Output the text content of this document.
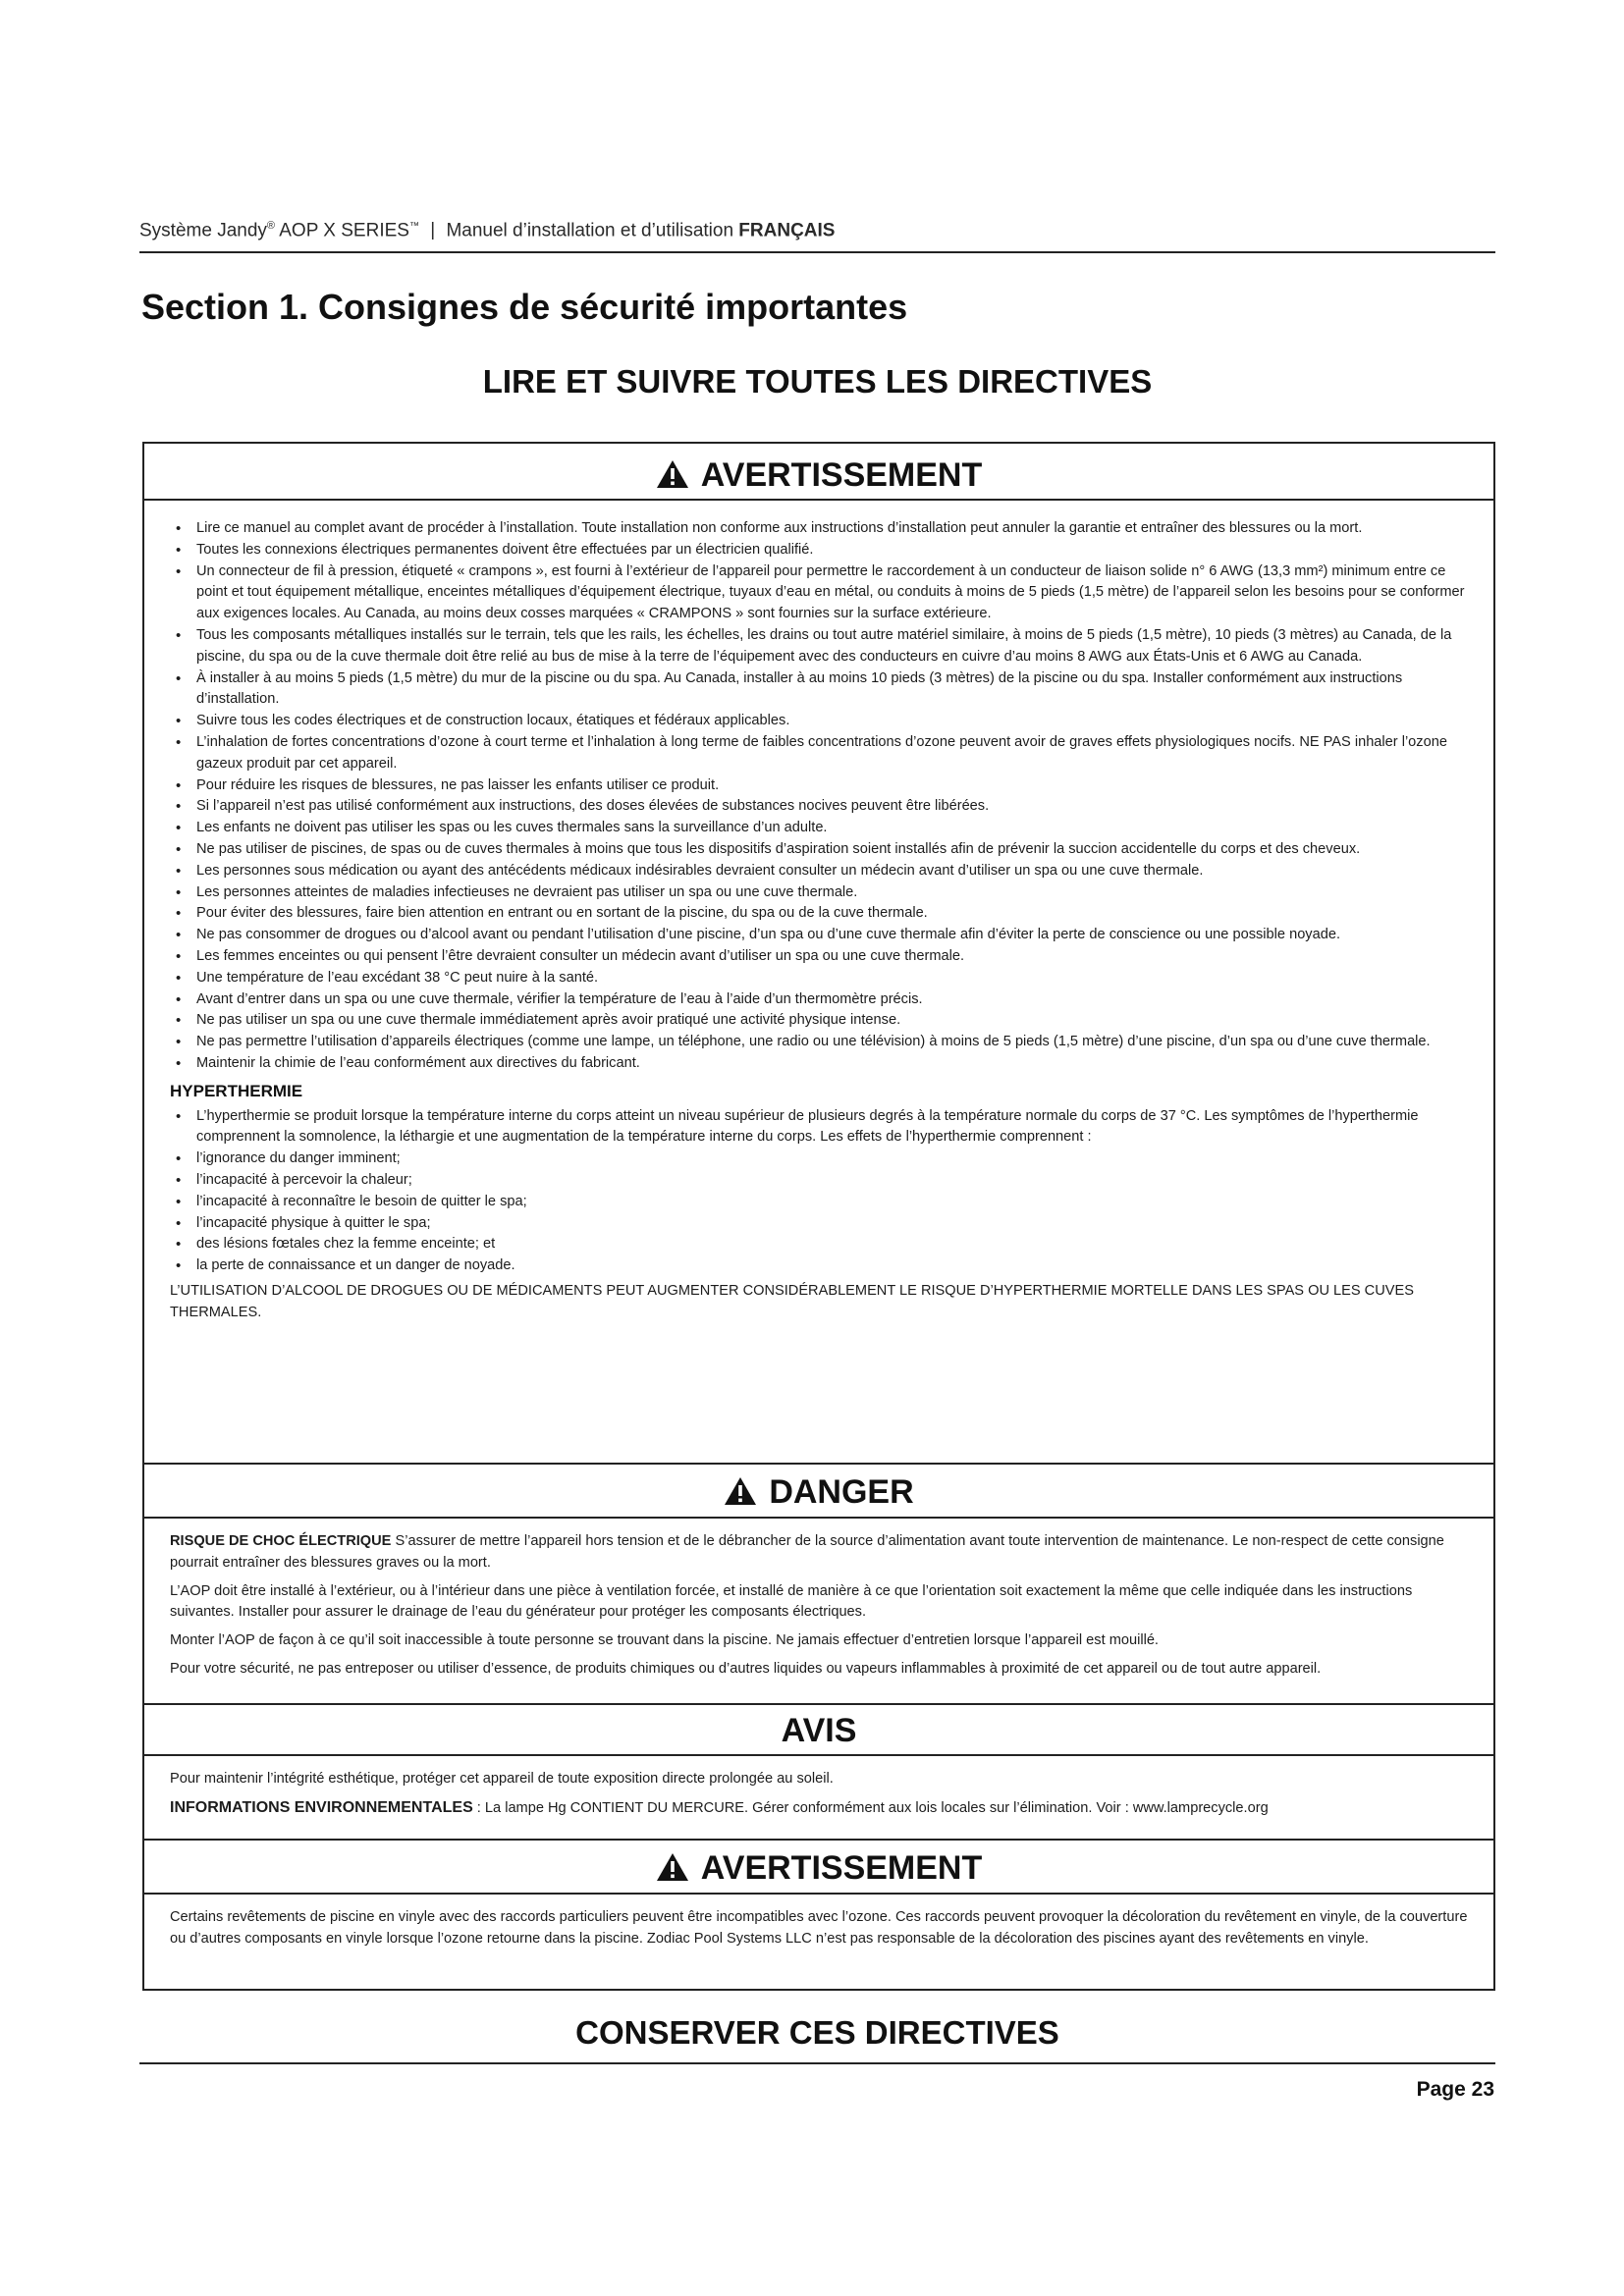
Système Jandy® AOP X SERIES™ | Manuel d’installation et d’utilisation FRANÇAIS
Section 1. Consignes de sécurité importantes
LIRE ET SUIVRE TOUTES LES DIRECTIVES
AVERTISSEMENT
• Lire ce manuel au complet avant de procéder à l’installation. Toute installation non conforme aux instructions d’installation peut annuler la garantie et entraîner des blessures ou la mort.
• Toutes les connexions électriques permanentes doivent être effectuées par un électricien qualifié.
• Un connecteur de fil à pression, étiqueté « crampons », est fourni à l’extérieur de l’appareil pour permettre le raccordement à un conducteur de liaison solide n° 6 AWG (13,3 mm²) minimum entre ce point et tout équipement métallique, enceintes métalliques d’équipement électrique, tuyaux d’eau en métal, ou conduits à moins de 5 pieds (1,5 mètre) de l’appareil selon les besoins pour se conformer aux exigences locales. Au Canada, au moins deux cosses marquées « CRAMPONS » sont fournies sur la surface extérieure.
• Tous les composants métalliques installés sur le terrain, tels que les rails, les échelles, les drains ou tout autre matériel similaire, à moins de 5 pieds (1,5 mètre), 10 pieds (3 mètres) au Canada, de la piscine, du spa ou de la cuve thermale doit être relié au bus de mise à la terre de l’équipement avec des conducteurs en cuivre d’au moins 8 AWG aux États-Unis et 6 AWG au Canada.
• À installer à au moins 5 pieds (1,5 mètre) du mur de la piscine ou du spa. Au Canada, installer à au moins 10 pieds (3 mètres) de la piscine ou du spa. Installer conformément aux instructions d’installation.
• Suivre tous les codes électriques et de construction locaux, étatiques et fédéraux applicables.
• L’inhalation de fortes concentrations d’ozone à court terme et l’inhalation à long terme de faibles concentrations d’ozone peuvent avoir de graves effets physiologiques nocifs. NE PAS inhaler l’ozone gazeux produit par cet appareil.
• Pour réduire les risques de blessures, ne pas laisser les enfants utiliser ce produit.
• Si l’appareil n’est pas utilisé conformément aux instructions, des doses élevées de substances nocives peuvent être libérées.
• Les enfants ne doivent pas utiliser les spas ou les cuves thermales sans la surveillance d’un adulte.
• Ne pas utiliser de piscines, de spas ou de cuves thermales à moins que tous les dispositifs d’aspiration soient installés afin de prévenir la succion accidentelle du corps et des cheveux.
• Les personnes sous médication ou ayant des antécédents médicaux indésirables devraient consulter un médecin avant d’utiliser un spa ou une cuve thermale.
• Les personnes atteintes de maladies infectieuses ne devraient pas utiliser un spa ou une cuve thermale.
• Pour éviter des blessures, faire bien attention en entrant ou en sortant de la piscine, du spa ou de la cuve thermale.
• Ne pas consommer de drogues ou d’alcool avant ou pendant l’utilisation d’une piscine, d’un spa ou d’une cuve thermale afin d’éviter la perte de conscience ou une possible noyade.
• Les femmes enceintes ou qui pensent l’être devraient consulter un médecin avant d’utiliser un spa ou une cuve thermale.
• Une température de l’eau excédant 38 °C peut nuire à la santé.
• Avant d’entrer dans un spa ou une cuve thermale, vérifier la température de l’eau à l’aide d’un thermomètre précis.
• Ne pas utiliser un spa ou une cuve thermale immédiatement après avoir pratiqué une activité physique intense.
• Ne pas permettre l’utilisation d’appareils électriques (comme une lampe, un téléphone, une radio ou une télévision) à moins de 5 pieds (1,5 mètre) d’une piscine, d’un spa ou d’une cuve thermale.
• Maintenir la chimie de l’eau conformément aux directives du fabricant.
HYPERTHERMIE
• L’hyperthermie se produit lorsque la température interne du corps atteint un niveau supérieur de plusieurs degrés à la température normale du corps de 37 °C. Les symptômes de l’hyperthermie comprennent la somnolence, la léthargie et une augmentation de la température interne du corps. Les effets de l’hyperthermie comprennent :
• l’ignorance du danger imminent;
• l’incapacité à percevoir la chaleur;
• l’incapacité à reconnaître le besoin de quitter le spa;
• l’incapacité physique à quitter le spa;
• des lésions fœtales chez la femme enceinte; et
• la perte de connaissance et un danger de noyade.
L’UTILISATION D’ALCOOL DE DROGUES OU DE MÉDICAMENTS PEUT AUGMENTER CONSIDÉRABLEMENT LE RISQUE D’HYPERTHERMIE MORTELLE DANS LES SPAS OU LES CUVES THERMALES.
DANGER
RISQUE DE CHOC ÉLECTRIQUE S’assurer de mettre l’appareil hors tension et de le débrancher de la source d’alimentation avant toute intervention de maintenance. Le non-respect de cette consigne pourrait entraîner des blessures graves ou la mort.
L’AOP doit être installé à l’extérieur, ou à l’intérieur dans une pièce à ventilation forcée, et installé de manière à ce que l’orientation soit exactement la même que celle indiquée dans les instructions suivantes. Installer pour assurer le drainage de l’eau du générateur pour protéger les composants électriques.
Monter l’AOP de façon à ce qu’il soit inaccessible à toute personne se trouvant dans la piscine. Ne jamais effectuer d’entretien lorsque l’appareil est mouillé.
Pour votre sécurité, ne pas entreposer ou utiliser d’essence, de produits chimiques ou d’autres liquides ou vapeurs inflammables à proximité de cet appareil ou de tout autre appareil.
AVIS
Pour maintenir l’intégrité esthétique, protéger cet appareil de toute exposition directe prolongée au soleil.
INFORMATIONS ENVIRONNEMENTALES : La lampe Hg CONTIENT DU MERCURE. Gérer conformément aux lois locales sur l’élimination. Voir : www.lamprecycle.org
AVERTISSEMENT
Certains revêtements de piscine en vinyle avec des raccords particuliers peuvent être incompatibles avec l’ozone. Ces raccords peuvent provoquer la décoloration du revêtement en vinyle, de la couverture ou d’autres composants en vinyle lorsque l’ozone retourne dans la piscine. Zodiac Pool Systems LLC n’est pas responsable de la décoloration des piscines ayant des revêtements en vinyle.
CONSERVER CES DIRECTIVES
Page 23
